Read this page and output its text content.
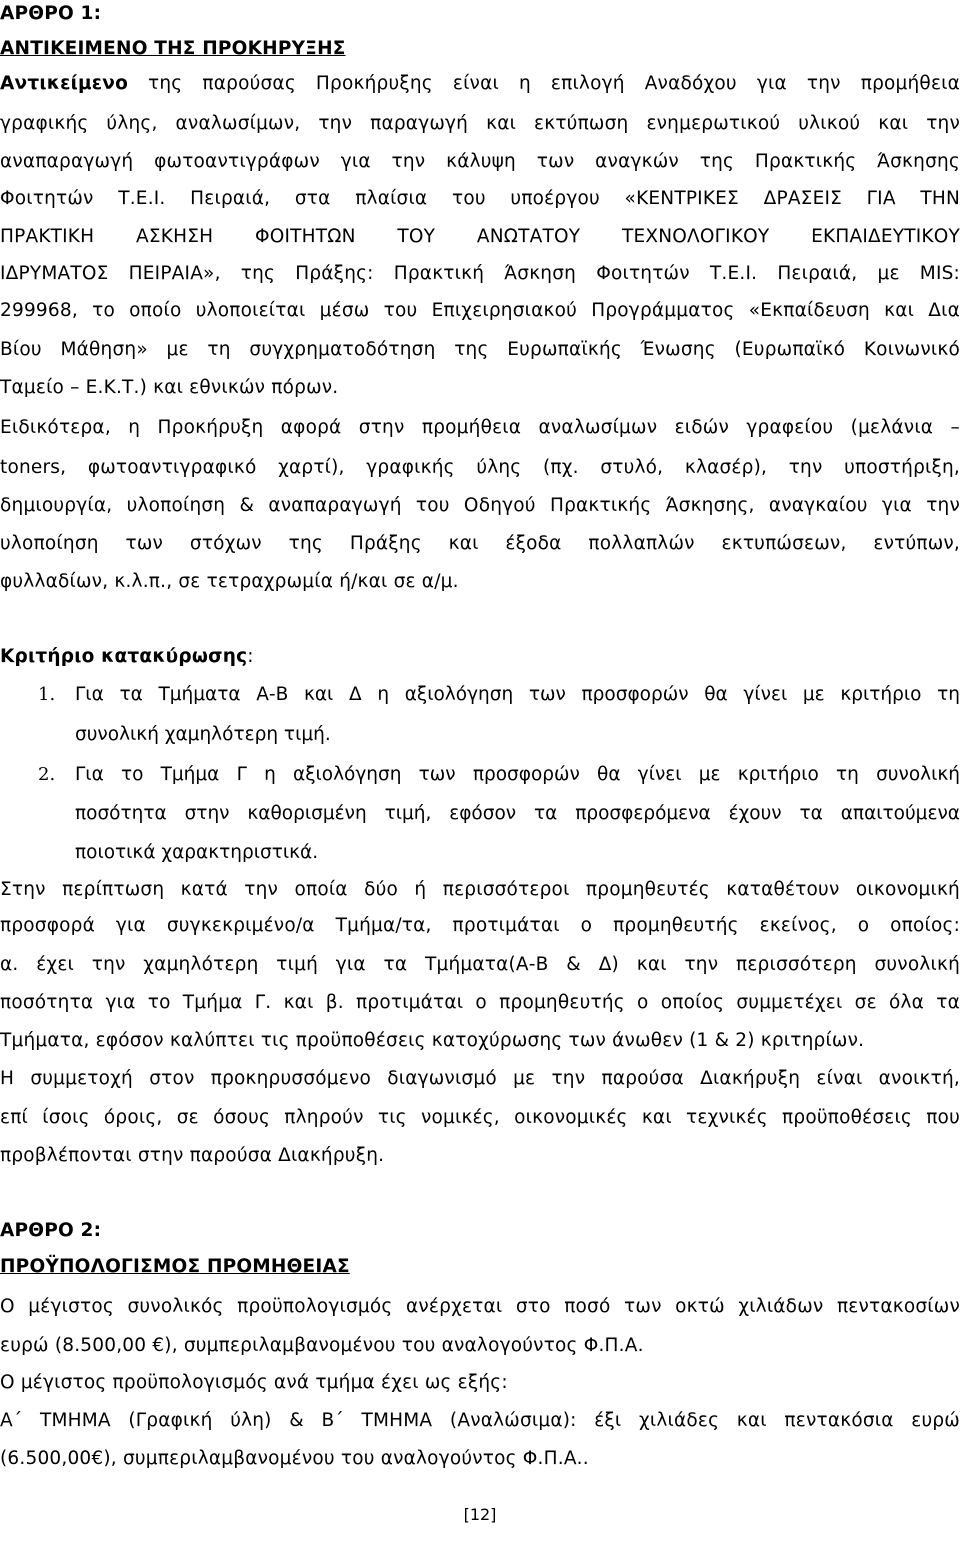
ΑΡΘΡΟ 1:
ΑΝΤΙΚΕΙΜΕΝΟ ΤΗΣ ΠΡΟΚΗΡΥΞΗΣ
Αντικείμενο της παρούσας Προκήρυξης είναι η επιλογή Αναδόχου για την προμήθεια
γραφικής ύλης, αναλωσίμων, την παραγωγή και εκτύπωση ενημερωτικού υλικού και την
αναπαραγωγή φωτοαντιγράφων για την κάλυψη των αναγκών της Πρακτικής Άσκησης
Φοιτητών Τ.Ε.Ι. Πειραιά, στα πλαίσια του υποέργου «ΚΕΝΤΡΙΚΕΣ ΔΡΑΣΕΙΣ ΓΙΑ ΤΗΝ
ΠΡΑΚΤΙΚΗ ΑΣΚΗΣΗ ΦΟΙΤΗΤΩΝ ΤΟΥ ΑΝΩΤΑΤΟΥ ΤΕΧΝΟΛΟΓΙΚΟΥ ΕΚΠΑΙΔΕΥΤΙΚΟΥ
ΙΔΡΥΜΑΤΟΣ ΠΕΙΡΑΙΑ», της Πράξης: Πρακτική Άσκηση Φοιτητών Τ.Ε.Ι. Πειραιά, με MIS:
299968, το οποίο υλοποιείται μέσω του Επιχειρησιακού Προγράμματος «Εκπαίδευση και Δια
Βίου Μάθηση» με τη συγχρηματοδότηση της Ευρωπαϊκής Ένωσης (Ευρωπαϊκό Κοινωνικό
Ταμείο – Ε.Κ.Τ.) και εθνικών πόρων.
Ειδικότερα, η Προκήρυξη αφορά στην προμήθεια αναλωσίμων ειδών γραφείου (μελάνια –
toners, φωτοαντιγραφικό χαρτί), γραφικής ύλης (πχ. στυλό, κλασέρ), την υποστήριξη,
δημιουργία, υλοποίηση & αναπαραγωγή του Οδηγού Πρακτικής Άσκησης, αναγκαίου για την
υλοποίηση των στόχων της Πράξης και έξοδα πολλαπλών εκτυπώσεων, εντύπων,
φυλλαδίων, κ.λ.π., σε τετραχρωμία ή/και σε α/μ.
Κριτήριο κατακύρωσης:
1. Για τα Τμήματα Α-Β και Δ η αξιολόγηση των προσφορών θα γίνει με κριτήριο τη
συνολική χαμηλότερη τιμή.
2. Για το Τμήμα Γ η αξιολόγηση των προσφορών θα γίνει με κριτήριο τη συνολική
ποσότητα στην καθορισμένη τιμή, εφόσον τα προσφερόμενα έχουν τα απαιτούμενα
ποιοτικά χαρακτηριστικά.
Στην περίπτωση κατά την οποία δύο ή περισσότεροι προμηθευτές καταθέτουν οικονομική
προσφορά για συγκεκριμένο/α Τμήμα/τα, προτιμάται ο προμηθευτής εκείνος, ο οποίος:
α. έχει την χαμηλότερη τιμή για τα Τμήματα(Α-Β & Δ) και την περισσότερη συνολική
ποσότητα για το Τμήμα Γ. και β. προτιμάται ο προμηθευτής ο οποίος συμμετέχει σε όλα τα
Τμήματα, εφόσον καλύπτει τις προϋποθέσεις κατοχύρωσης των άνωθεν (1 & 2) κριτηρίων.
Η συμμετοχή στον προκηρυσσόμενο διαγωνισμό με την παρούσα Διακήρυξη είναι ανοικτή,
επί ίσοις όροις, σε όσους πληρούν τις νομικές, οικονομικές και τεχνικές προϋποθέσεις που
προβλέπονται στην παρούσα Διακήρυξη.
ΑΡΘΡΟ 2:
ΠΡΟΫΠΟΛΟΓΙΣΜΟΣ ΠΡΟΜΗΘΕΙΑΣ
Ο μέγιστος συνολικός προϋπολογισμός ανέρχεται στο ποσό των οκτώ χιλιάδων πεντακοσίων
ευρώ (8.500,00 €), συμπεριλαμβανομένου του αναλογούντος Φ.Π.Α.
Ο μέγιστος προϋπολογισμός ανά τμήμα έχει ως εξής:
Α΄ ΤΜΗΜΑ (Γραφική ύλη) & Β΄ ΤΜΗΜΑ (Αναλώσιμα): έξι χιλιάδες και πεντακόσια ευρώ
(6.500,00€), συμπεριλαμβανομένου του αναλογούντος Φ.Π.Α..
[12]
